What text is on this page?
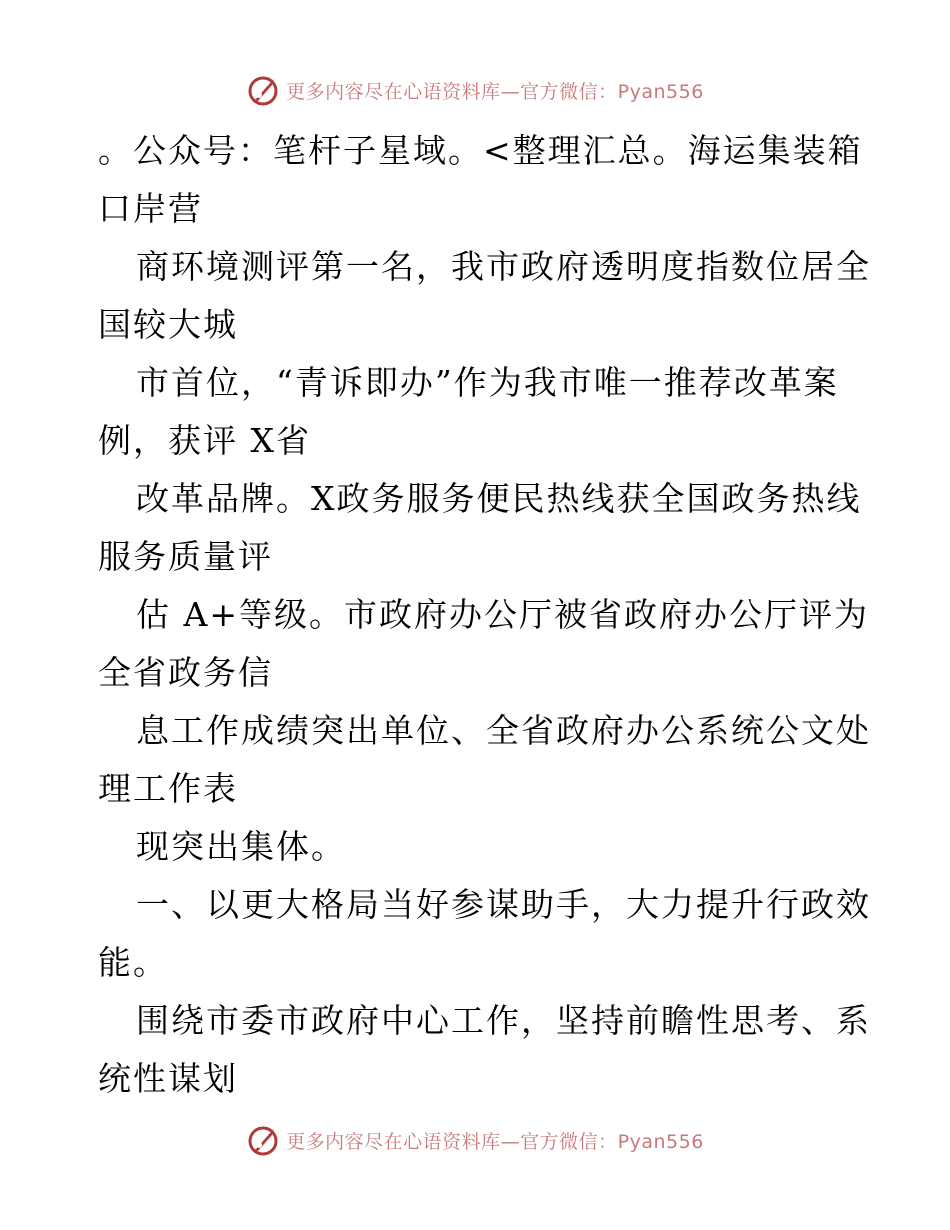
更多内容尽在心语资料库—官方微信：Pyan556
。公众号：笔杆子星域。<整理汇总。海运集装箱
口岸营
商环境测评第一名，我市政府透明度指数位居全
国较大城
市首位，“青诉即办”作为我市唯一推荐改革案
例，获评 X省
改革品牌。X政务服务便民热线获全国政务热线
服务质量评
估 A+等级。市政府办公厅被省政府办公厅评为
全省政务信
息工作成绩突出单位、全省政府办公系统公文处
理工作表
现突出集体。
一、以更大格局当好参谋助手，大力提升行政效
能。
围绕市委市政府中心工作，坚持前瞻性思考、系
统性谋划
更多内容尽在心语资料库—官方微信：Pyan556
